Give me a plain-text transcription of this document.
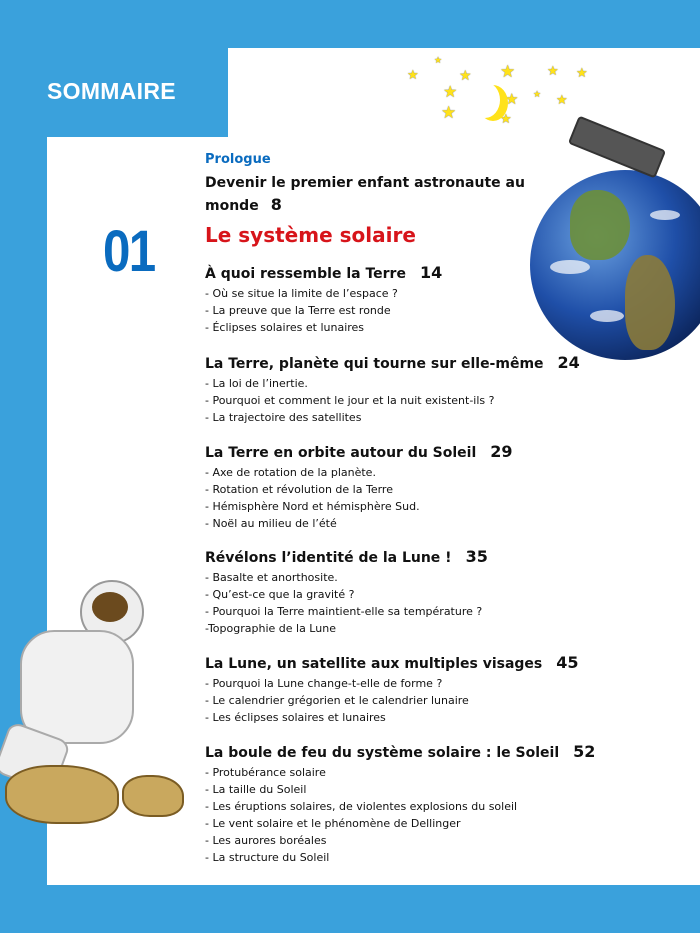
SOMMAIRE
★
★
★ ★
★	★
★	★
★ ★
★ ★
Prologue
Devenir le premier enfant astronaute au monde 8
01	Le système solaire
À quoi ressemble la Terre 14
- Où se situe la limite de l’espace ?
- La preuve que la Terre est ronde
- Éclipses solaires et lunaires
La Terre, planète qui tourne sur elle-même 24
- La loi de l’inertie.
- Pourquoi et comment le jour et la nuit existent-ils ?
- La trajectoire des satellites
La Terre en orbite autour du Soleil 29
- Axe de rotation de la planète.
- Rotation et révolution de la Terre
- Hémisphère Nord et hémisphère Sud.
- Noël au milieu de l’été
Révélons l’identité de la Lune ! 35
- Basalte et anorthosite.
- Qu’est-ce que la gravité ?
- Pourquoi la Terre maintient-elle sa température ?
-Topographie de la Lune
La Lune, un satellite aux multiples visages 45
- Pourquoi la Lune change-t-elle de forme ?
- Le calendrier grégorien et le calendrier lunaire
- Les éclipses solaires et lunaires
La boule de feu du système solaire : le Soleil 52
- Protubérance solaire
- La taille du Soleil
- Les éruptions solaires, de violentes explosions du soleil
- Le vent solaire et le phénomène de Dellinger
- Les aurores boréales
- La structure du Soleil
